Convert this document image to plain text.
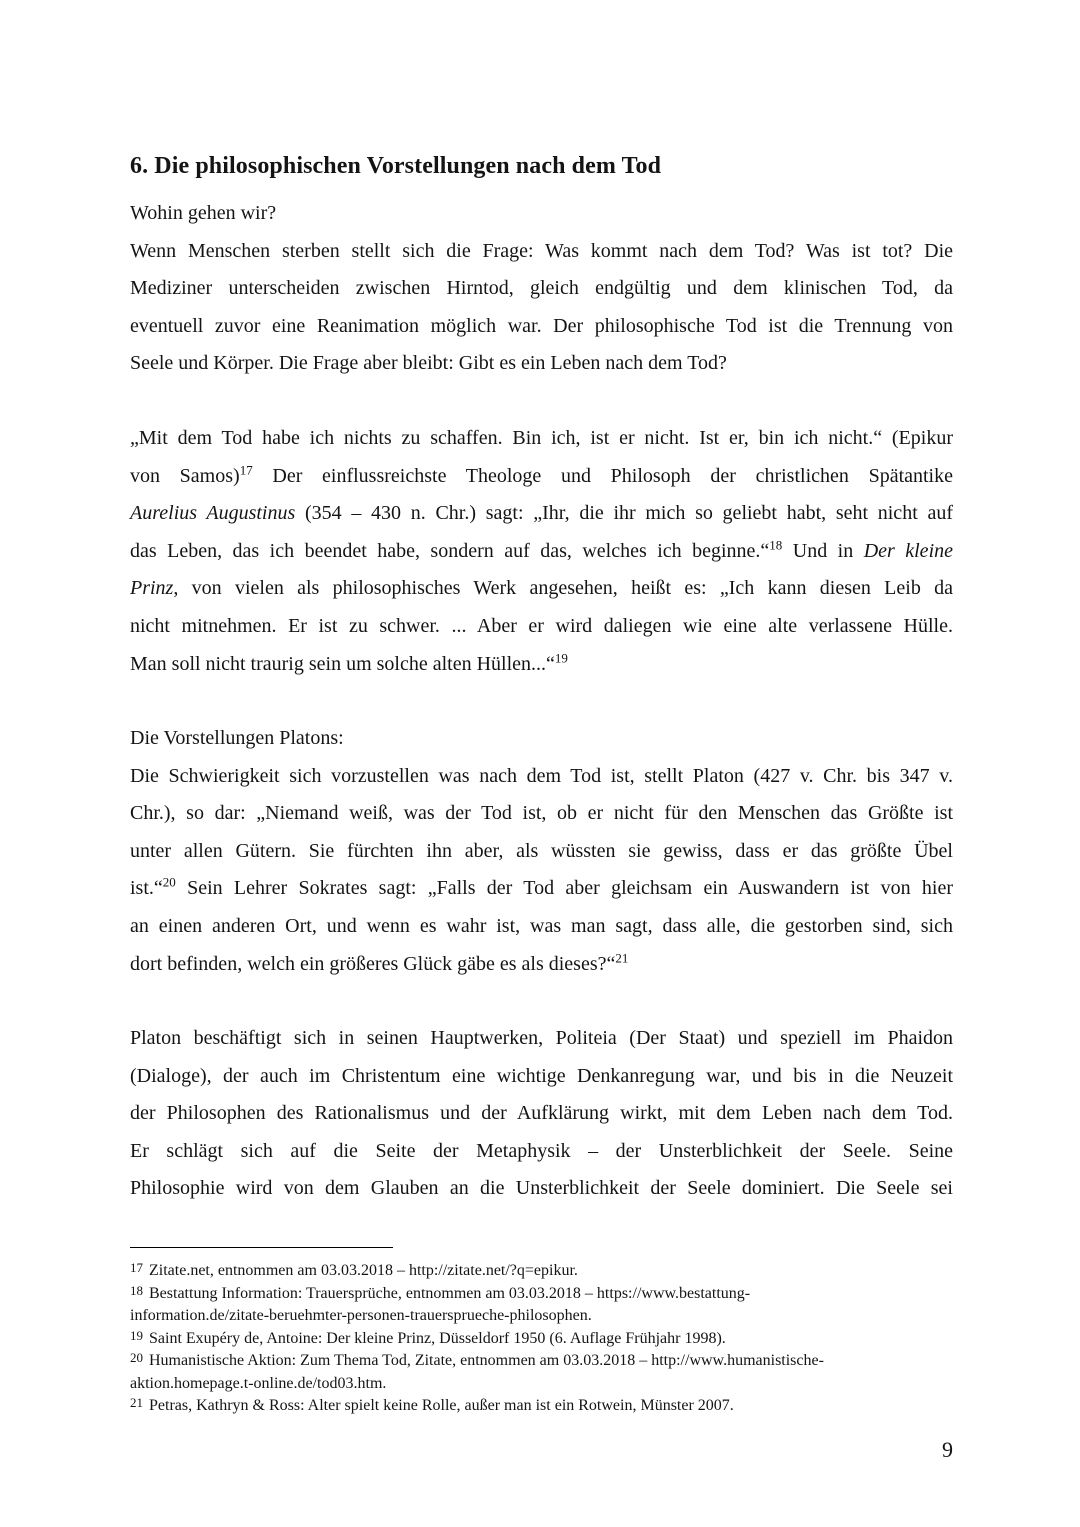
6. Die philosophischen Vorstellungen nach dem Tod
Wohin gehen wir?
Wenn Menschen sterben stellt sich die Frage: Was kommt nach dem Tod? Was ist tot? Die
Mediziner unterscheiden zwischen Hirntod, gleich endgültig und dem klinischen Tod, da
eventuell zuvor eine Reanimation möglich war. Der philosophische Tod ist die Trennung von
Seele und Körper. Die Frage aber bleibt: Gibt es ein Leben nach dem Tod?
„Mit dem Tod habe ich nichts zu schaffen. Bin ich, ist er nicht. Ist er, bin ich nicht.“ (Epikur
von Samos)$^{17}$ Der einflussreichste Theologe und Philosoph der christlichen Spätantike
Aurelius Augustinus (354 – 430 n. Chr.) sagt: „Ihr, die ihr mich so geliebt habt, seht nicht auf
das Leben, das ich beendet habe, sondern auf das, welches ich beginne.“$^{18}$ Und in Der kleine
Prinz, von vielen als philosophisches Werk angesehen, heißt es: „Ich kann diesen Leib da
nicht mitnehmen. Er ist zu schwer. ... Aber er wird daliegen wie eine alte verlassene Hülle.
Man soll nicht traurig sein um solche alten Hüllen...“$^{19}$
Die Vorstellungen Platons:
Die Schwierigkeit sich vorzustellen was nach dem Tod ist, stellt Platon (427 v. Chr. bis 347 v.
Chr.), so dar: „Niemand weiß, was der Tod ist, ob er nicht für den Menschen das Größte ist
unter allen Gütern. Sie fürchten ihn aber, als wüssten sie gewiss, dass er das größte Übel
ist.“$^{20}$ Sein Lehrer Sokrates sagt: „Falls der Tod aber gleichsam ein Auswandern ist von hier
an einen anderen Ort, und wenn es wahr ist, was man sagt, dass alle, die gestorben sind, sich
dort befinden, welch ein größeres Glück gäbe es als dieses?“$^{21}$
Platon beschäftigt sich in seinen Hauptwerken, Politeia (Der Staat) und speziell im Phaidon
(Dialoge), der auch im Christentum eine wichtige Denkanregung war, und bis in die Neuzeit
der Philosophen des Rationalismus und der Aufklärung wirkt, mit dem Leben nach dem Tod.
Er schlägt sich auf die Seite der Metaphysik – der Unsterblichkeit der Seele. Seine
Philosophie wird von dem Glauben an die Unsterblichkeit der Seele dominiert. Die Seele sei

$^{17}$ Zitate.net, entnommen am 03.03.2018 – http://zitate.net/?q=epikur.

$^{18}$ Bestattung Information: Trauersprüche, entnommen am 03.03.2018 – https://www.bestattung-
information.de/zitate-beruehmter-personen-trauersprueche-philosophen.

$^{19}$ Saint Exupéry de, Antoine: Der kleine Prinz, Düsseldorf 1950 (6. Auflage Frühjahr 1998).

$^{20}$ Humanistische Aktion: Zum Thema Tod, Zitate, entnommen am 03.03.2018 – http://www.humanistische-
aktion.homepage.t-online.de/tod03.htm.

$^{21}$ Petras, Kathryn & Ross: Alter spielt keine Rolle, außer man ist ein Rotwein, Münster 2007.

9
